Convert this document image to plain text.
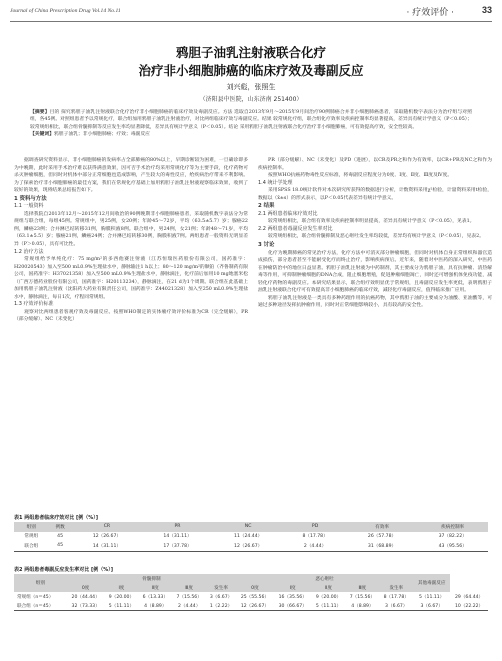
Journal of China Prescription Drug Vol.14 No.11	· 疗效评价 ·	33
鸦胆子油乳注射液联合化疗
治疗非小细胞肺癌的临床疗效及毒副反应
刘兴彪，张照生
（济阳县中医院，山东济南 251400）
【摘要】目的 探究鸦胆子油乳注射液联合化疗治疗非小细胞肺癌的临床疗效及毒副反应。方法 选取自2013年9月～2015年9月间治疗90例肺癌合并非小细胞肺癌患者，采取随机数字表法分为治疗组与对照组，各45例。对照组患者予以常规化疗，联合组加用鸦胆子油乳注射液治疗，对比两组临床疗效与毒副反应。结果 较常规化疗组，联合组化疗效率及疾病控制率均显著提高，差异具有统计学意义（P＜0.05）；较常规组相比，联合组骨髓抑制等反应发生率均显著降低，差异具有统计学意义（P＜0.05）。结论 采用鸦胆子油乳注射液联合化疗治疗非小细胞肺癌，可有效提高疗效，安全性较高。
【关键词】鸦胆子油乳；非小细胞肺癌；疗效；毒副反应

据调查研究资料显示，非小细胞肺癌的发病率占全部肺癌的80%以上，早期诊断较为困难，一旦确诊即多为中晚期，此时采用手术治疗难以获得满意效果，因可否手术治疗均采用常规化疗等为主要手段，化疗药物可杀灭肿瘤细胞，但同时对机体中部分正常细胞也造成影响，产生较大的毒性反应，给疾病治疗带来不利影响。为了探索治疗非小细胞肺癌的最佳方案，我们在常规化疗基础上加用鸦胆子油乳注射液观察临床效果，收到了较好的效果，现将结果总结报告如下。

1 资料与方法

1.1 一般资料

选择我院自2013年12月～2015年12月间收治的90例晚期非小细胞肺癌患者，采取随机数字表法分为常规组与联合组，每组45例。常规组中，男25例，女20例；年龄45～72岁，平均（63.5±5.7）岁；腺癌22例，鳞癌23例；合并淋巴结转移31例，胸膜积液8例。联合组中，男24例，女21例；年龄48～71岁，平均（63.1±5.5）岁；腺癌21例，鳞癌24例；合并淋巴结转移30例，胸膜积液7例。两组患者一般资料无明显差异（P＞0.05），具有可比性。

1.2 治疗方法

常规组给予单纯化疗：75 mg/m²的多西他赛注射液（江苏恒瑞医药股份有限公司，国药准字：H20020543）加入至500 mL0.9%生理盐水中，静脉输注1 h以上；80～120 mg/m²的顺铂（齐鲁制药有限公司，国药准字：H37021358）加入至500 mL0.9%生理盐水中，静脉滴注，化疗前后加用10 mg地塞米松（广西万德药业股份有限公司，国药准字：H20113234），静脉滴注，在21 d为1个周期。联合组在此基础上加用鸦胆子油乳注射液（沈阳药大药业有限责任公司，国药准字：Z44021328）加入至250 mL0.9%生理盐水中，静脉滴注，每日1次，疗程同常规组。

1.3 疗效评价标准

观察对比两组患者客观疗效及毒副反应。按照WHO制定的实体瘤疗效评价标准为CR（完全缓解），PR（部分缓解）、NC（未变化）

PR（部分缓解）、NC（未变化）及PD（进展），以CR及PR之和作为有效率，以CR+PR及NC之和作为疾病控制率。

按照WHO抗癌药物毒性反应标准，将毒副反应程度分为0度、Ⅰ度、Ⅱ度、Ⅲ度及Ⅳ度。

1.4 统计学处理

采用SPSS 18.0统计软件对本次研究所获得的数据进行分析，计数资料采用χ²检验，计量资料采用t检验，数据以（x̄±s）的形式表示，以P＜0.05代表差异有统计学意义。

2 结果

2.1 两组患者临床疗效对比

较常规组相比，联合组有效率及疾病控制率明显提高，差异具有统计学意义（P＜0.05），见表1。

2.2 两组患者毒副反应发生率对比

较常规组相比，联合组骨髓抑制及恶心呕吐发生率均较低，差异均有统计学意义（P＜0.05），见表2。

3 讨论

化疗为晚期肺癌的常见治疗方法，化疗方法中可消灭部分肿瘤细胞，但同时对机体自身正常组织和器官造成损伤，部分患者甚至不能耐受化疗而终止治疗，影响疾病预后。近年来，随着对中医药的深入研究，中医药在肿瘤防治中的地位日益显著。鸦胆子油乳注射液为中药制剂，其主要成分为鸦胆子油，具有抗肿瘤、清热解毒等作用，可抑制肿瘤细胞的DNA合成，阻止细胞增殖，促进肿瘤细胞凋亡，同时还可增强机体免疫功能，减轻化疗药物的毒副反应。本研究结果显示，联合组疗效明显优于常规组，且毒副反应发生率更低，表明鸦胆子油乳注射液联合化疗可有效提高非小细胞肺癌的临床疗效，减轻化疗毒副反应，值得临床推广应用。

鸦胆子油乳注射液是一类具有多种药理作用的抗癌药物，其中鸦胆子油的主要成分为油酸、亚油酸等，可通过多种途径发挥抗肿瘤作用，同时对正常细胞影响较小，具有较高的安全性。

表1 两组患者临床疗效对比 [例（%）]
组别	例数	CR	PR	NC	PD	有效率	疾病控制率
常规组	45	12（26.67）	14（31.11）	11（24.44）	8（17.78）	26（57.78）	37（82.22）
联合组	45	14（31.11）	17（37.78）	12（26.67）	2（4.44）	31（68.89）	43（95.56）
表2 两组患者毒副反应发生率对比 [例（%）]
组别	骨髓抑制					恶心呕吐					其他毒副反应	
	0度	Ⅰ度	Ⅱ度	Ⅲ度	发生率	0度	Ⅰ度	Ⅱ度	Ⅲ度	发生率		
常规组（n＝45）	20（44.44）	9（20.00）	6（13.33）	7（15.56）	3（6.67）	25（55.56）	16（35.56）	9（20.00）	7（15.56）	8（17.78）	5（11.11）	29（64.44）
联合组（n＝45）	32（73.33）	5（11.11）	4（8.89）	2（4.44）	1（2.22）	12（26.67）	30（66.67）	5（11.11）	4（8.89）	3（6.67）	3（6.67）	10（22.22）
